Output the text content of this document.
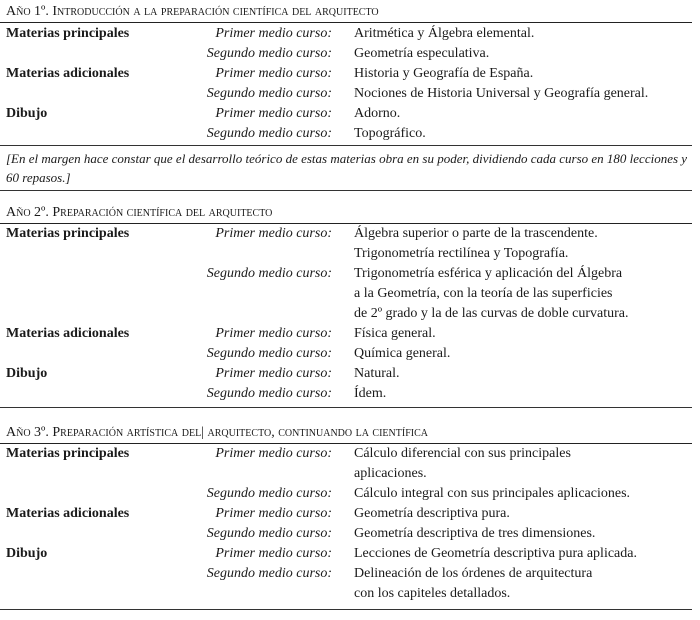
Año 1º. Introducción a la preparación científica del arquitecto
Materias principales	Primer medio curso: Aritmética y Álgebra elemental.
Segundo medio curso: Geometría especulativa.
Materias adicionales	Primer medio curso: Historia y Geografía de España.
Segundo medio curso: Nociones de Historia Universal y Geografía general.
Dibujo	Primer medio curso: Adorno.
Segundo medio curso: Topográfico.
[En el margen hace constar que el desarrollo teórico de estas materias obra en su poder, dividiendo cada curso en 180 lecciones y 60 repasos.]
Año 2º. Preparación científica del arquitecto
Materias principales	Primer medio curso: Álgebra superior o parte de la trascendente.
Trigonometría rectilínea y Topografía.
Segundo medio curso: Trigonometría esférica y aplicación del Álgebra
a la Geometría, con la teoría de las superficies
de 2º grado y la de las curvas de doble curvatura.
Materias adicionales	Primer medio curso: Física general.
Segundo medio curso: Química general.
Dibujo	Primer medio curso: Natural.
Segundo medio curso: Ídem.
Año 3º. Preparación artística del| arquitecto, continuando la científica
Materias principales	Primer medio curso: Cálculo diferencial con sus principales
aplicaciones.
Segundo medio curso: Cálculo integral con sus principales aplicaciones.
Materias adicionales	Primer medio curso: Geometría descriptiva pura.
Segundo medio curso: Geometría descriptiva de tres dimensiones.
Dibujo	Primer medio curso: Lecciones de Geometría descriptiva pura aplicada.
Segundo medio curso: Delineación de los órdenes de arquitectura
con los capiteles detallados.
